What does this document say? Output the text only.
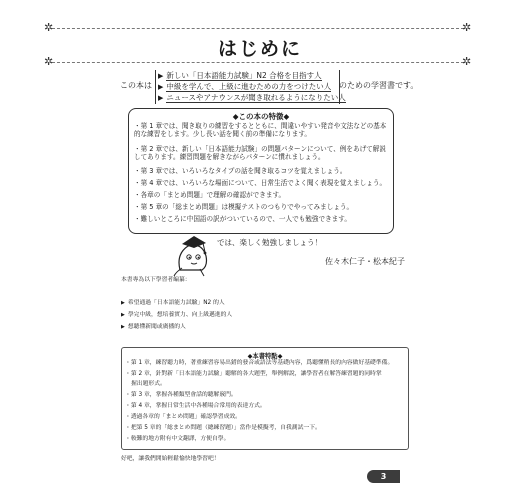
✲	✲
はじめに
✲	✲
この本は
▶ 新しい「日本語能力試験」N2 合格を目指す人
▶ 中級を学んで、上級に進むための力をつけたい人
▶ ニュースやアナウンスが聞き取れるようになりたい人
のための学習書です。
◆この本の特徴◆
・第 1 章では、聞き取りの練習をするとともに、間違いやすい発音や文法などの基本的な練習をします。少し長い話を聞く前の準備になります。
・第 2 章では、新しい「日本語能力試験」の問題パターンについて、例をあげて解説してあります。練習問題を解きながらパターンに慣れましょう。
・第 3 章では、いろいろなタイプの話を聞き取るコツを覚えましょう。
・第 4 章では、いろいろな場面について、日常生活でよく聞く表現を覚えましょう。
・各章の「まとめ問題」で理解の確認ができます。
・第 5 章の「総まとめ問題」は模擬テストのつもりでやってみましょう。
・難しいところに中国語の訳がついているので、一人でも勉強できます。
では、楽しく勉強しましょう！
佐々木仁子・松本紀子
本書專為以下學習者編纂：
▶ 希望通過「日本語能力試驗」N2 的人
▶ 學完中級，想培養實力、向上級邁進的人
▶ 想聽懂新聞或廣播的人
◆本書特點◆
・第 1 章，練習聽力時，著重練習容易出錯的發音或語法等基礎內容，爲聽懂稍長的內容做好基礎準備。
・第 2 章，針對新「日本語能力試驗」聽解的各大題型，舉例解說，讓學習者在解答練習題的同時掌
握出題形式。
・第 3 章，掌握各種類型會話的聽解竅門。
・第 4 章，掌握日常生活中各種場合常用的表達方式。
・透過各章的「まとめ問題」確認學習成效。
・把第 5 章的「総まとめ問題（總練習題）」當作是模擬考，自我測試一下。
・較難的地方附有中文翻譯，方便自學。
好吧，讓我們開始輕鬆愉快地學習吧！
3
